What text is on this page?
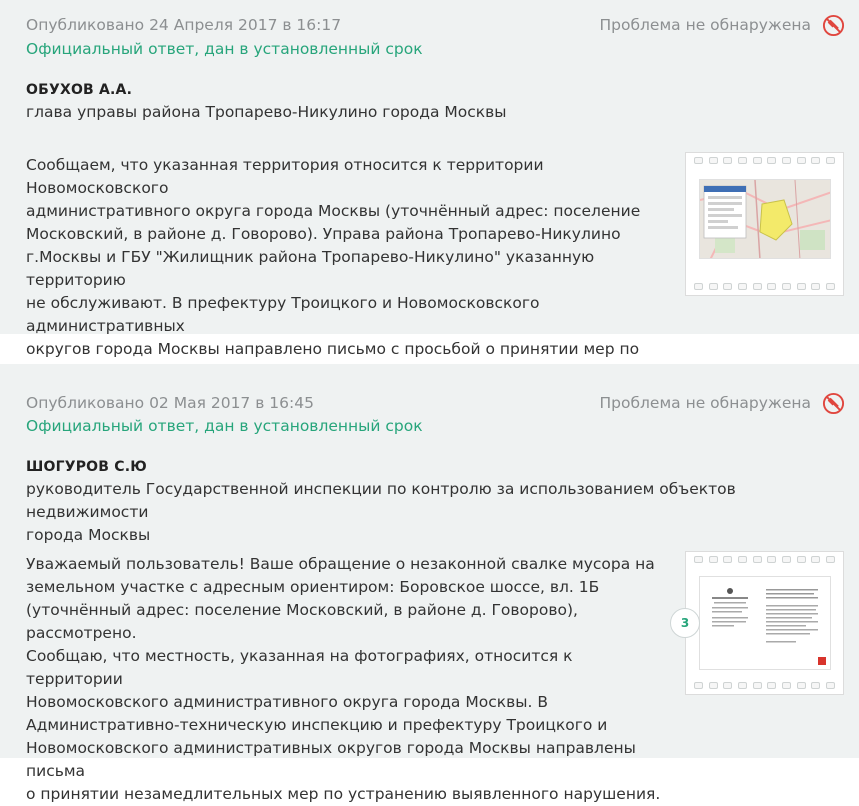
Опубликовано 24 Апреля 2017 в 16:17
Официальный ответ, дан в установленный срок
Проблема не обнаружена
ОБУХОВ А.А.
глава управы района Тропарево-Никулино города Москвы
Сообщаем, что указанная территория относится к территории Новомосковского
административного округа города Москвы (уточнённый адрес: поселение
Московский, в районе д. Говорово). Управа района Тропарево-Никулино
г.Москвы и ГБУ "Жилищник района Тропарево-Никулино" указанную территорию
не обслуживают. В префектуру Троицкого и Новомосковского административных
округов города Москвы направлено письмо с просьбой о принятии мер по
Опубликовано 02 Мая 2017 в 16:45
Официальный ответ, дан в установленный срок
Проблема не обнаружена
ШОГУРОВ С.Ю
руководитель Государственной инспекции по контролю за использованием объектов недвижимости
города Москвы
Уважаемый пользователь! Ваше обращение о незаконной свалке мусора на
земельном участке с адресным ориентиром: Боровское шоссе, вл. 1Б
(уточнённый адрес: поселение Московский, в районе д. Говорово), рассмотрено.
Сообщаю, что местность, указанная на фотографиях, относится к территории
Новомосковского административного округа города Москвы. В
Административно-техническую инспекцию и префектуру Троицкого и
Новомосковского административных округов города Москвы направлены письма
о принятии незамедлительных мер по устранению выявленного нарушения.
3
